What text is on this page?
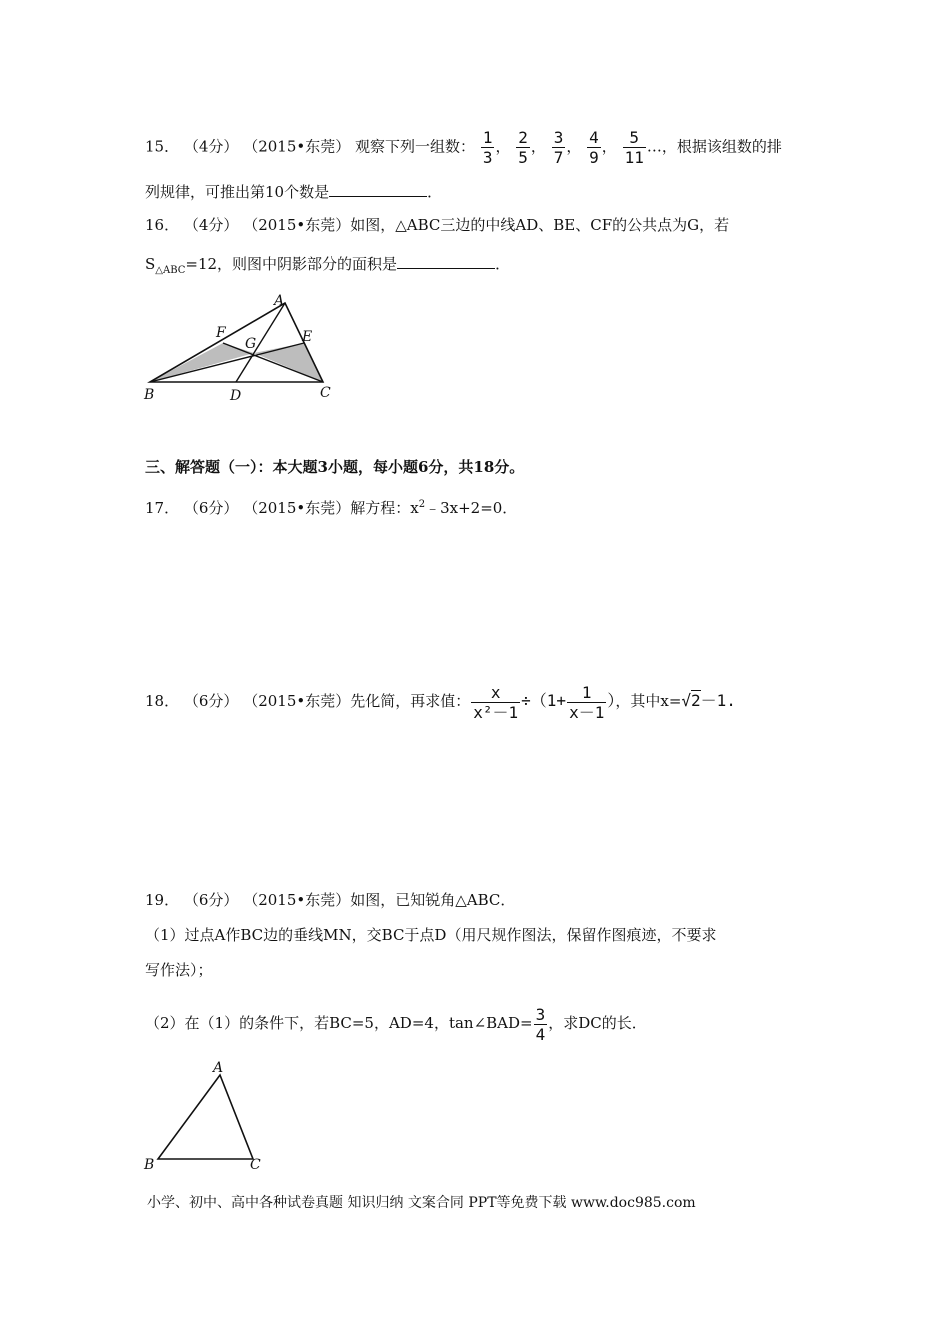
15． （4分） （2015•东莞） 观察下列一组数： $\frac{1}{3}$ ， $\frac{2}{5}$ ， $\frac{3}{7}$ ， $\frac{4}{9}$ ， $\frac{5}{11}$ …，根据该组数的排
列规律，可推出第10个数是	．
16． （4分） （2015•东莞）如图，△ABC三边的中线AD、BE、CF的公共点为G，若
$S_{\triangle ABC}=12$，则图中阴影部分的面积是	．
A
B	C
D
E
F
G
三、解答题（一）：本大题3小题，每小题6分，共18分。
17． （6分） （2015•东莞）解方程：$x^2﹣3x+2=0$．
18． （6分） （2015•东莞）先化简，再求值： $\frac{x}{\text{x²－1}} \div(1+ \frac{1}{x-1}$ ），其中x=√2－1.
19． （6分） （2015•东莞）如图，已知锐角△ABC．
（1）过点A作BC边的垂线MN，交BC于点D（用尺规作图法，保留作图痕迹，不要求
写作法）；
（2）在（1）的条件下，若BC=5，AD=4，tan∠BAD= $\frac{3}{4}$ ，求DC的长．
A
B	C
小学、初中、高中各种试卷真题 知识归纳 文案合同 PPT等免费下载 www.doc985.com
